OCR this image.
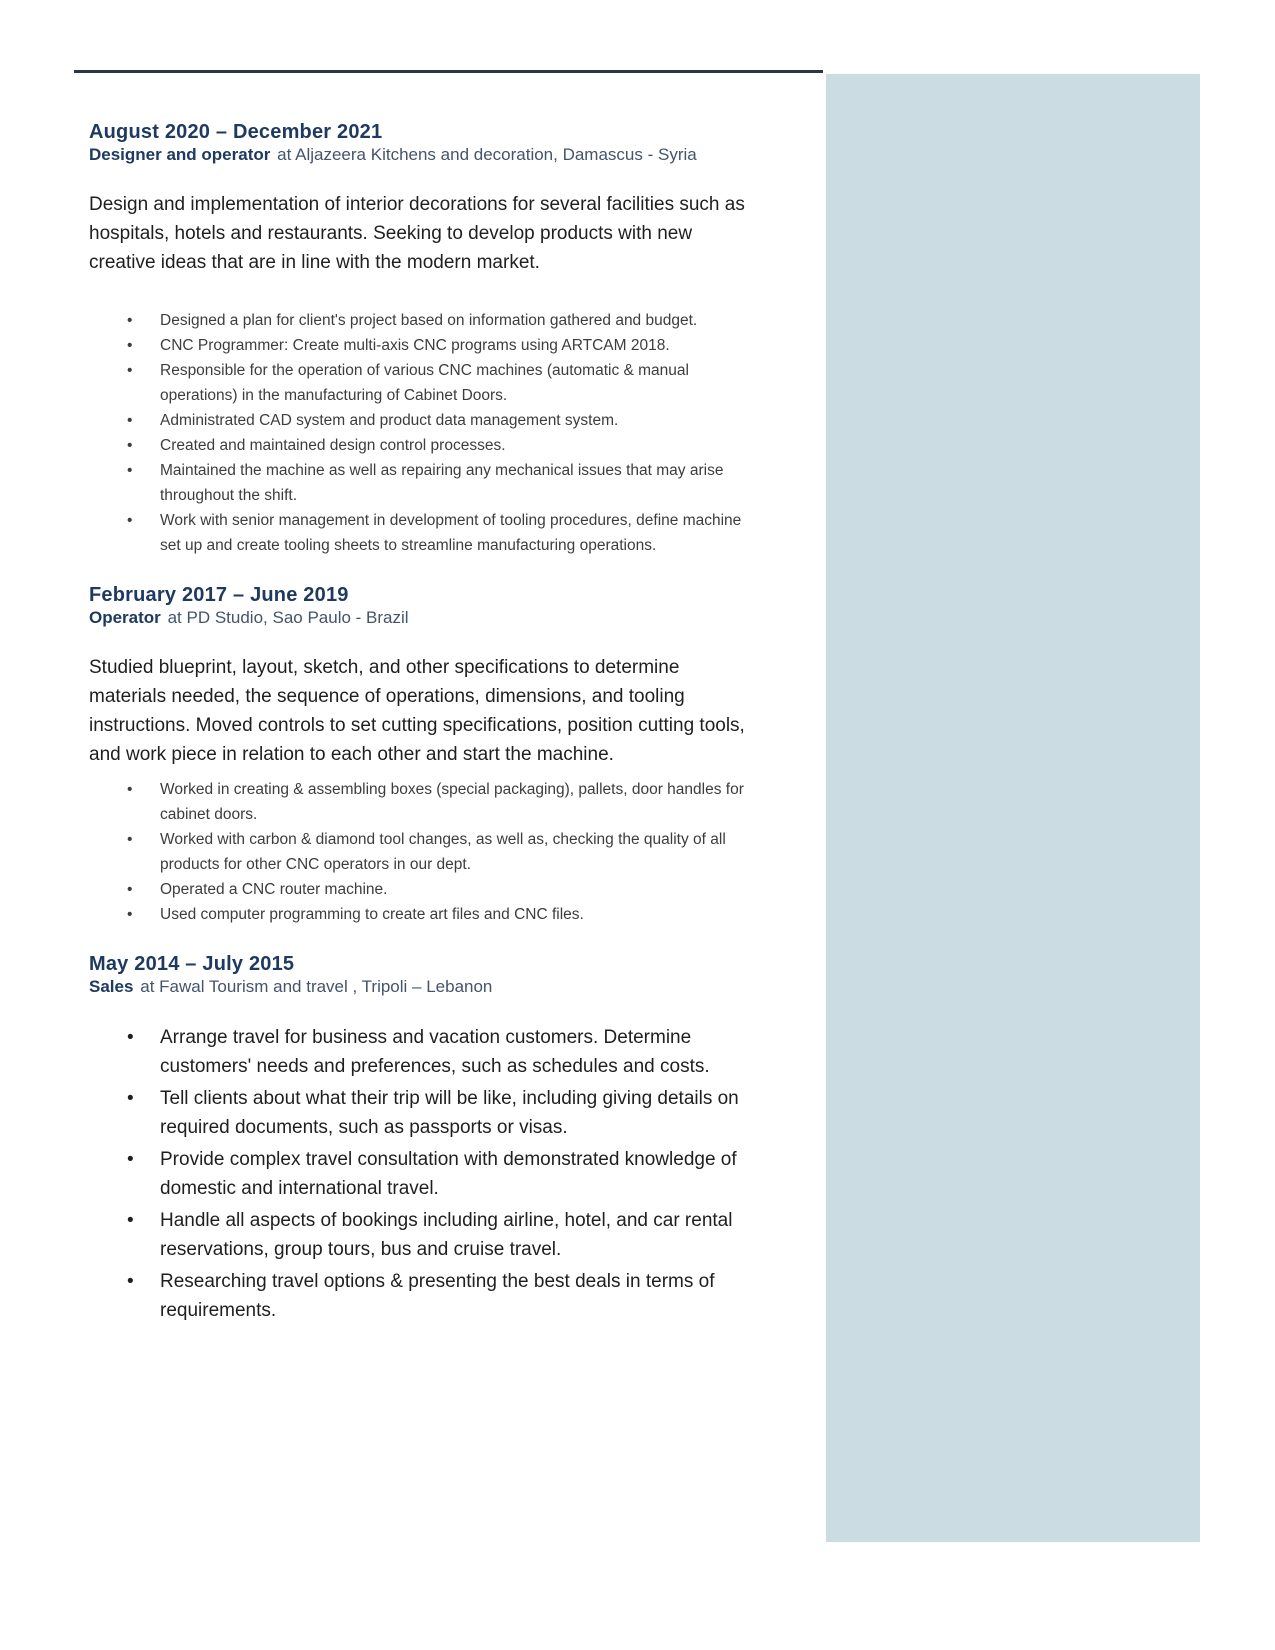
August 2020 – December 2021

Designer and operator at Aljazeera Kitchens and decoration, Damascus - Syria

Design and implementation of interior decorations for several facilities such as hospitals, hotels and restaurants. Seeking to develop products with new creative ideas that are in line with the modern market.

• Designed a plan for client's project based on information gathered and budget.
• CNC Programmer: Create multi-axis CNC programs using ARTCAM 2018.
• Responsible for the operation of various CNC machines (automatic & manual operations) in the manufacturing of Cabinet Doors.
• Administrated CAD system and product data management system.
• Created and maintained design control processes.
• Maintained the machine as well as repairing any mechanical issues that may arise throughout the shift.
• Work with senior management in development of tooling procedures, define machine set up and create tooling sheets to streamline manufacturing operations.
February 2017 – June 2019

Operator at PD Studio, Sao Paulo - Brazil

Studied blueprint, layout, sketch, and other specifications to determine materials needed, the sequence of operations, dimensions, and tooling instructions. Moved controls to set cutting specifications, position cutting tools, and work piece in relation to each other and start the machine.

• Worked in creating & assembling boxes (special packaging), pallets, door handles for cabinet doors.
• Worked with carbon & diamond tool changes, as well as, checking the quality of all products for other CNC operators in our dept.
• Operated a CNC router machine.
• Used computer programming to create art files and CNC files.
May 2014 – July 2015

Sales at Fawal Tourism and travel , Tripoli – Lebanon

• Arrange travel for business and vacation customers. Determine customers' needs and preferences, such as schedules and costs.
• Tell clients about what their trip will be like, including giving details on required documents, such as passports or visas.
• Provide complex travel consultation with demonstrated knowledge of domestic and international travel.
• Handle all aspects of bookings including airline, hotel, and car rental reservations, group tours, bus and cruise travel.
• Researching travel options & presenting the best deals in terms of requirements.
